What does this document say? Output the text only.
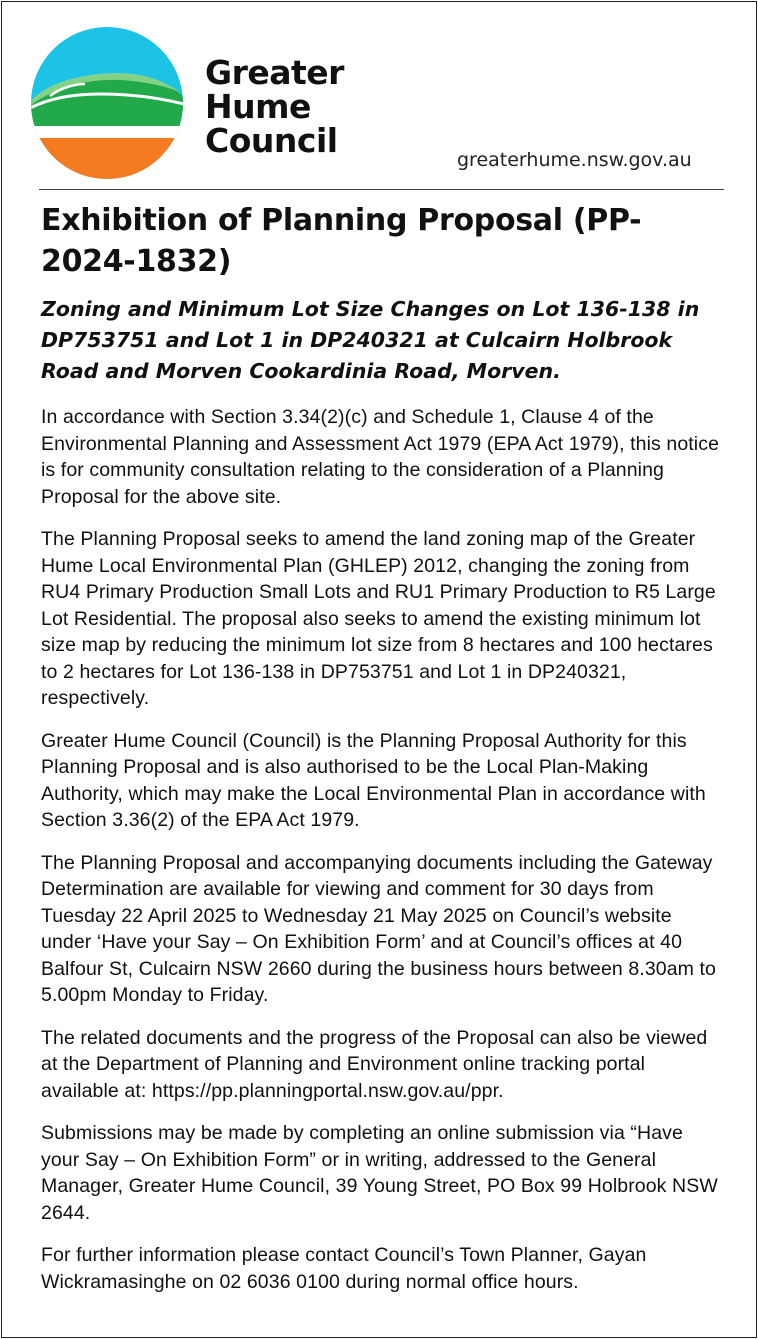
Greater
Hume
Council	greaterhume.nsw.gov.au
Exhibition of Planning Proposal (PP-2024-1832)
Zoning and Minimum Lot Size Changes on Lot 136-138 in DP753751 and Lot 1 in DP240321 at Culcairn Holbrook Road and Morven Cookardinia Road, Morven.

In accordance with Section 3.34(2)(c) and Schedule 1, Clause 4 of the Environmental Planning and Assessment Act 1979 (EPA Act 1979), this notice is for community consultation relating to the consideration of a Planning Proposal for the above site.

The Planning Proposal seeks to amend the land zoning map of the Greater Hume Local Environmental Plan (GHLEP) 2012, changing the zoning from RU4 Primary Production Small Lots and RU1 Primary Production to R5 Large Lot Residential. The proposal also seeks to amend the existing minimum lot size map by reducing the minimum lot size from 8 hectares and 100 hectares to 2 hectares for Lot 136-138 in DP753751 and Lot 1 in DP240321, respectively.

Greater Hume Council (Council) is the Planning Proposal Authority for this Planning Proposal and is also authorised to be the Local Plan-Making Authority, which may make the Local Environmental Plan in accordance with Section 3.36(2) of the EPA Act 1979.

The Planning Proposal and accompanying documents including the Gateway Determination are available for viewing and comment for 30 days from Tuesday 22 April 2025 to Wednesday 21 May 2025 on Council’s website under ‘Have your Say – On Exhibition Form’ and at Council’s offices at 40 Balfour St, Culcairn NSW 2660 during the business hours between 8.30am to 5.00pm Monday to Friday.

The related documents and the progress of the Proposal can also be viewed at the Department of Planning and Environment online tracking portal available at: https://pp.planningportal.nsw.gov.au/ppr.

Submissions may be made by completing an online submission via “Have your Say – On Exhibition Form” or in writing, addressed to the General Manager, Greater Hume Council, 39 Young Street, PO Box 99 Holbrook NSW 2644.

For further information please contact Council’s Town Planner, Gayan Wickramasinghe on 02 6036 0100 during normal office hours.
